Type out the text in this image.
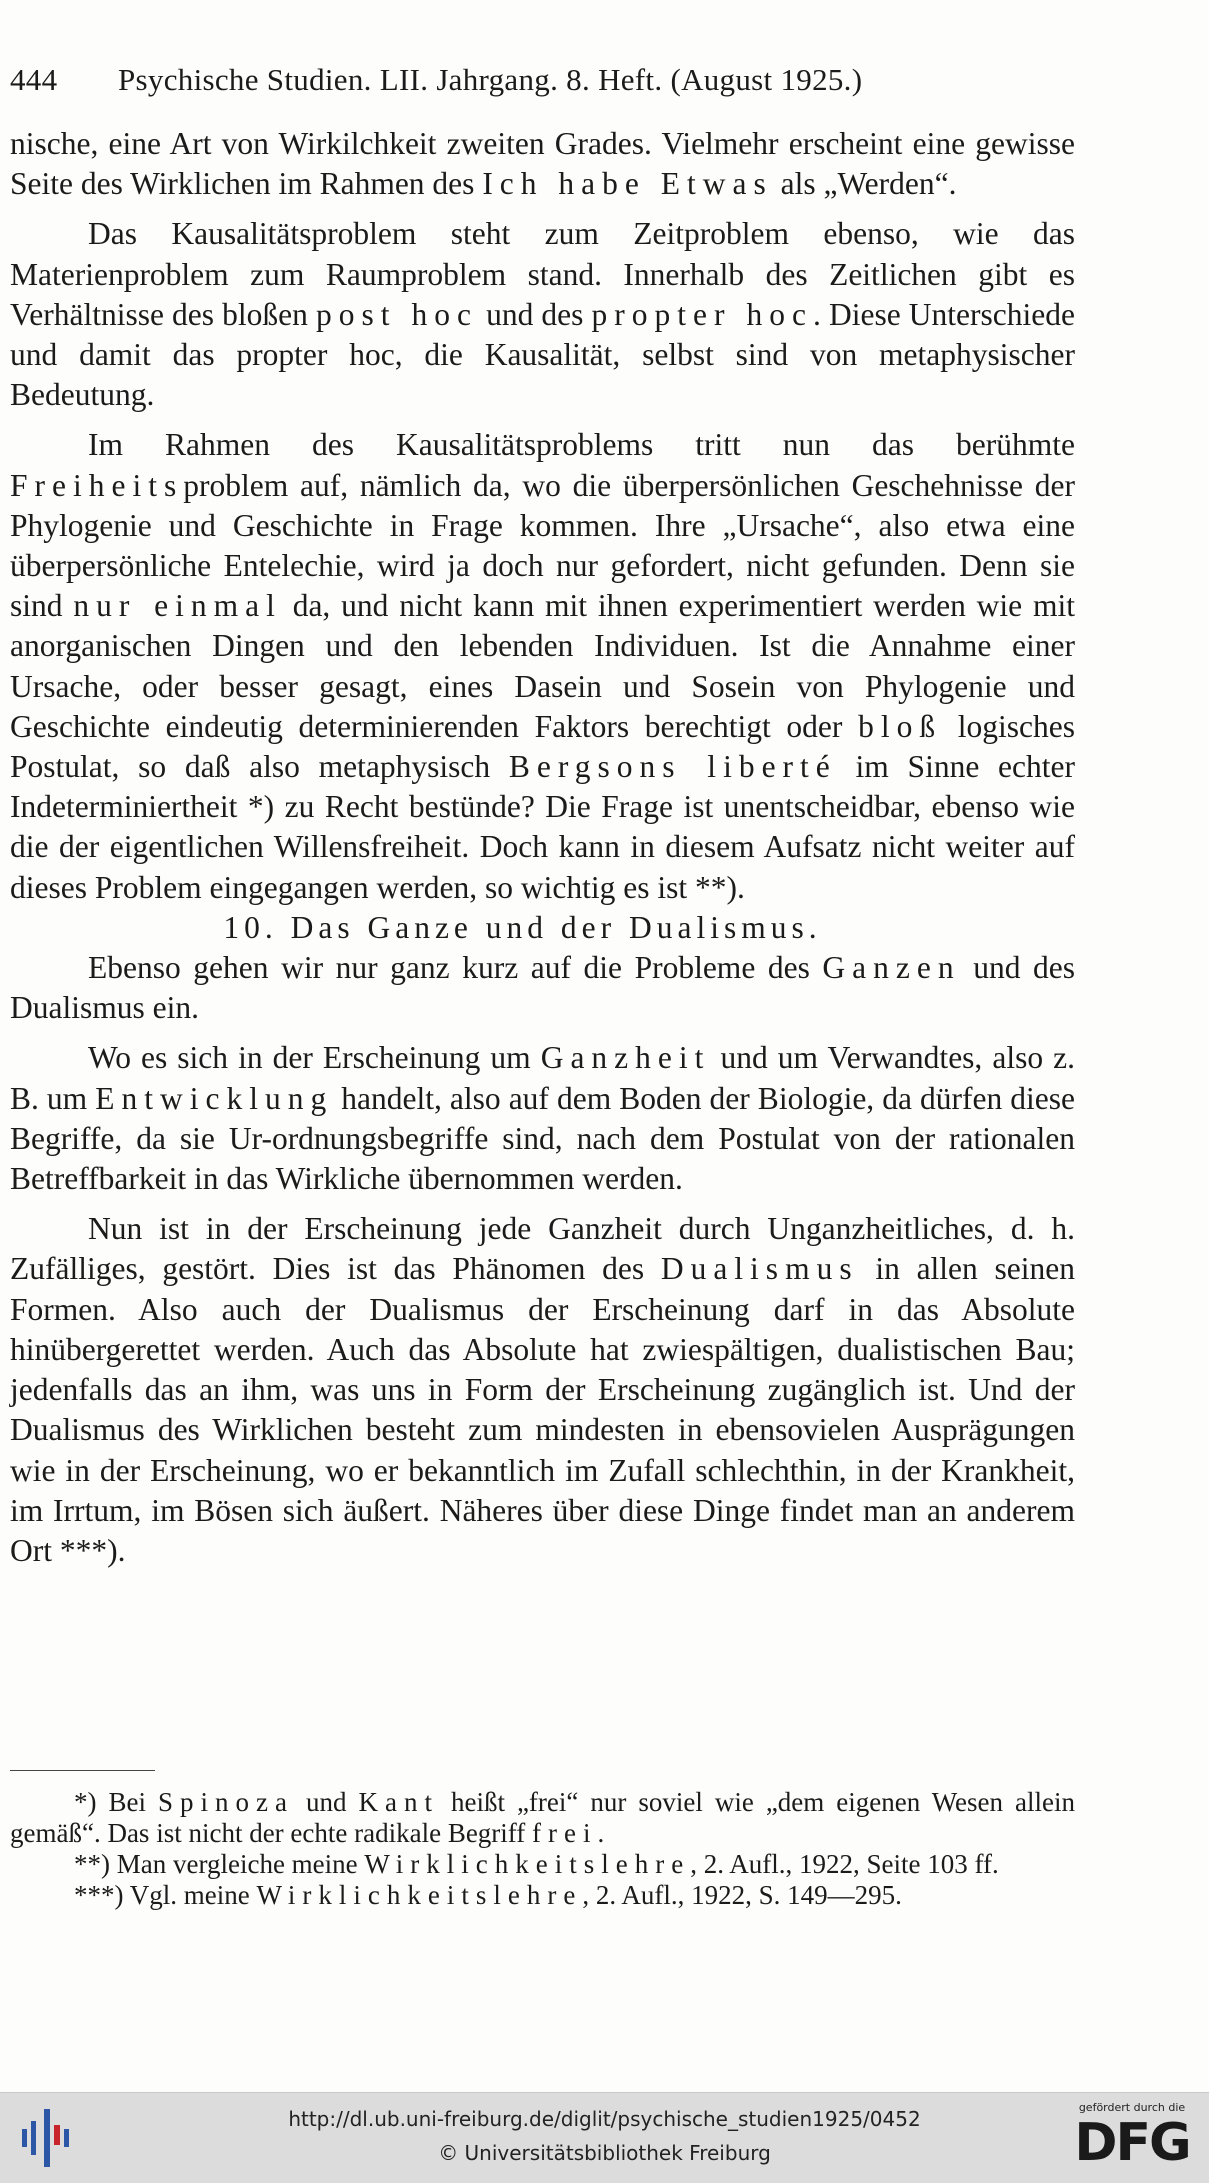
444 Psychische Studien. LII. Jahrgang. 8. Heft. (August 1925.)

nische, eine Art von Wirkilchkeit zweiten Grades. Vielmehr erscheint eine gewisse Seite des Wirklichen im Rahmen des Ich habe Etwas als „Werden“.

Das Kausalitätsproblem steht zum Zeitproblem ebenso, wie das Materienproblem zum Raumproblem stand. Innerhalb des Zeitlichen gibt es Verhältnisse des bloßen post hoc und des propter hoc. Diese Unterschiede und damit das propter hoc, die Kausalität, selbst sind von metaphysischer Bedeutung.

Im Rahmen des Kausalitätsproblems tritt nun das berühmte Freiheitsproblem auf, nämlich da, wo die überpersönlichen Geschehnisse der Phylogenie und Geschichte in Frage kommen. Ihre „Ursache“, also etwa eine überpersönliche Entelechie, wird ja doch nur gefordert, nicht gefunden. Denn sie sind nur einmal da, und nicht kann mit ihnen experimentiert werden wie mit anorganischen Dingen und den lebenden Individuen. Ist die Annahme einer Ursache, oder besser gesagt, eines Dasein und Sosein von Phylogenie und Geschichte eindeutig determinierenden Faktors berechtigt oder bloß logisches Postulat, so daß also metaphysisch Bergsons liberté im Sinne echter Indeterminiertheit *) zu Recht bestünde? Die Frage ist unentscheidbar, ebenso wie die der eigentlichen Willensfreiheit. Doch kann in diesem Aufsatz nicht weiter auf dieses Problem eingegangen werden, so wichtig es ist **).

10. Das Ganze und der Dualismus.

Ebenso gehen wir nur ganz kurz auf die Probleme des Ganzen und des Dualismus ein.

Wo es sich in der Erscheinung um Ganzheit und um Verwandtes, also z. B. um Entwicklung handelt, also auf dem Boden der Biologie, da dürfen diese Begriffe, da sie Ur-ordnungsbegriffe sind, nach dem Postulat von der rationalen Betreffbarkeit in das Wirkliche übernommen werden.

Nun ist in der Erscheinung jede Ganzheit durch Unganzheitliches, d. h. Zufälliges, gestört. Dies ist das Phänomen des Dualismus in allen seinen Formen. Also auch der Dualismus der Erscheinung darf in das Absolute hinübergerettet werden. Auch das Absolute hat zwiespältigen, dualistischen Bau; jedenfalls das an ihm, was uns in Form der Erscheinung zugänglich ist. Und der Dualismus des Wirklichen besteht zum mindesten in ebensovielen Ausprägungen wie in der Erscheinung, wo er bekanntlich im Zufall schlechthin, in der Krankheit, im Irrtum, im Bösen sich äußert. Näheres über diese Dinge findet man an anderem Ort ***).

*) Bei Spinoza und Kant heißt „frei“ nur soviel wie „dem eigenen Wesen allein gemäß“. Das ist nicht der echte radikale Begriff frei.

**) Man vergleiche meine Wirklichkeitslehre, 2. Aufl., 1922, Seite 103 ff.

***) Vgl. meine Wirklichkeitslehre, 2. Aufl., 1922, S. 149—295.

http://dl.ub.uni-freiburg.de/diglit/psychische_studien1925/0452
© Universitätsbibliothek Freiburg
gefördert durch die
DFG
